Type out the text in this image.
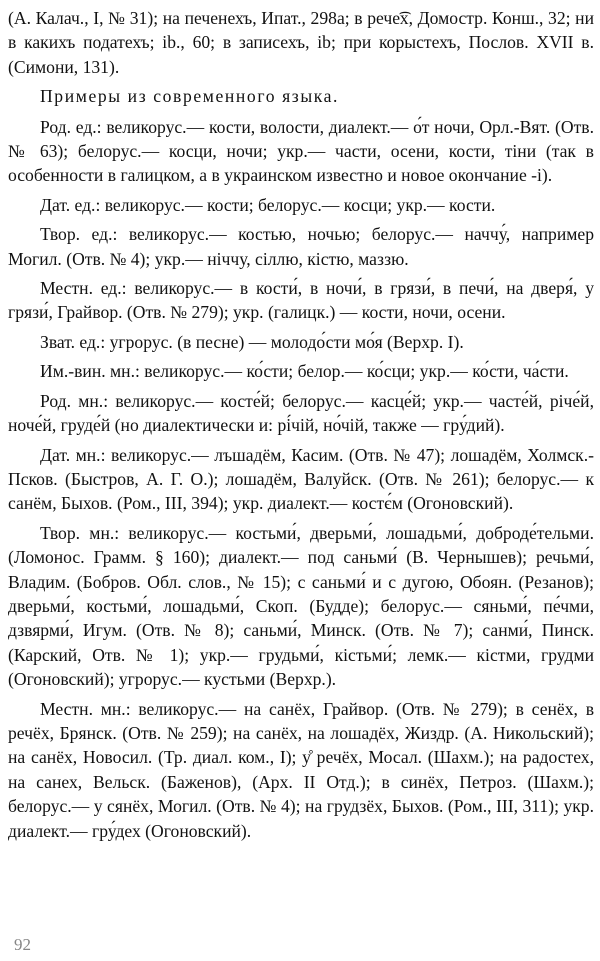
(А. Калач., I, № 31); на печенехъ, Ипат., 298а; в рече͡х, Домостр. Конш., 32; ни в какихъ податехъ; ib., 60; в записехъ, ib; при корыстехъ, Послов. XVII в. (Симони, 131).

Примеры из современного языка.

Род. ед.: великорус.— кости, волости, диалект.— о́т ночи, Орл.-Вят. (Отв. № 63); белорус.— косци, ночи; укр.— части, осени, кости, тіни (так в особенности в галицком, а в украинском известно и новое окончание -i).

Дат. ед.: великорус.— кости; белорус.— косци; укр.— кости.

Твор. ед.: великорус.— костью, ночью; белорус.— наччу́, например Могил. (Отв. № 4); укр.— ніччу, сіллю, кістю, маззю.

Местн. ед.: великорус.— в кости́, в ночи́, в грязи́, в печи́, на дверя́, у грязи́, Грайвор. (Отв. № 279); укр. (галицк.) — кости, ночи, осени.

Зват. ед.: угрорус. (в песне) — молодо́сти мо́я (Верхр. I).

Им.-вин. мн.: великорус.— ко́сти; белор.— ко́сци; укр.— ко́сти, ча́сти.

Род. мн.: великорус.— косте́й; белорус.— касце́й; укр.— часте́й, річе́й, ноче́й, груде́й (но диалектически и: рі́чій, но́чій, также — гру́дий).

Дат. мн.: великорус.— лъшадём, Касим. (Отв. № 47); лошадём, Холмск.-Псков. (Быстров, А. Г. О.); лошадём, Валуйск. (Отв. № 261); белорус.— к санём, Быхов. (Ром., III, 394); укр. диалект.— костє́м (Огоновский).

Твор. мн.: великорус.— костьми́, дверьми́, лошадьми́, доброде́тельми. (Ломонос. Грамм. § 160); диалект.— под саньми́ (В. Чернышев); речьми́, Владим. (Бобров. Обл. слов., № 15); с саньми́ и с дугою, Обоян. (Резанов); дверьми́, костьми́, лошадьми́, Скоп. (Будде); белорус.— сяньми́, пе́чми, дзвярми́, Игум. (Отв. № 8); саньми́, Минск. (Отв. № 7); санми́, Пинск. (Карский, Отв. № 1); укр.— грудьми́, кістьми́; лемк.— кістми, грудми (Огоновский); угрорус.— кустьми (Верхр.).

Местн. мн.: великорус.— на санёх, Грайвор. (Отв. № 279); в сенёх, в речёх, Брянск. (Отв. № 259); на санёх, на лошадёх, Жиздр. (А. Никольский); на санёх, Новосил. (Тр. диал. ком., I); у̊ речёх, Мосал. (Шахм.); на радостех, на санех, Вельск. (Баженов), (Арх. II Отд.); в синёх, Петроз. (Шахм.); белорус.— у сянёх, Могил. (Отв. № 4); на грудзёх, Быхов. (Ром., III, 311); укр. диалект.— гру́дех (Огоновский).

92
